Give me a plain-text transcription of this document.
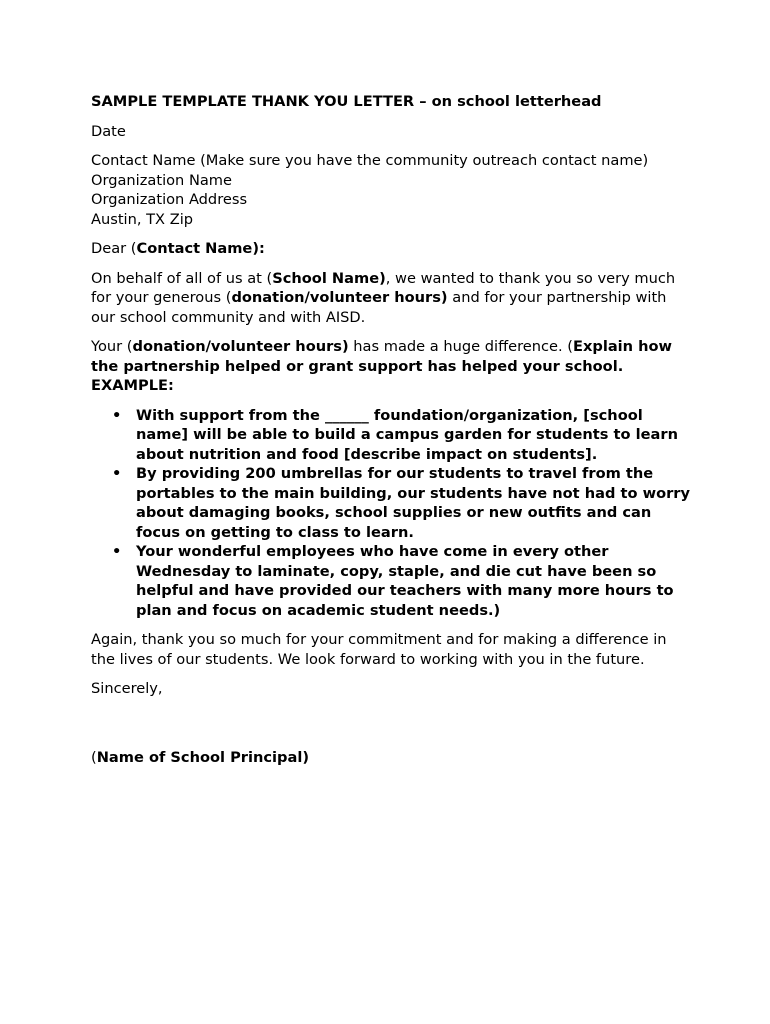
SAMPLE TEMPLATE THANK YOU LETTER – on school letterhead

Date

Contact Name (Make sure you have the community outreach contact name)
Organization Name
Organization Address
Austin, TX Zip

Dear (Contact Name):

On behalf of all of us at (School Name), we wanted to thank you so very much for your generous (donation/volunteer hours) and for your partnership with our school community and with AISD.

Your (donation/volunteer hours) has made a huge difference. (Explain how the partnership helped or grant support has helped your school. EXAMPLE:

• With support from the ______ foundation/organization, [school name] will be able to build a campus garden for students to learn about nutrition and food [describe impact on students].
• By providing 200 umbrellas for our students to travel from the portables to the main building, our students have not had to worry about damaging books, school supplies or new outfits and can focus on getting to class to learn.
• Your wonderful employees who have come in every other Wednesday to laminate, copy, staple, and die cut have been so helpful and have provided our teachers with many more hours to plan and focus on academic student needs.)

Again, thank you so much for your commitment and for making a difference in the lives of our students. We look forward to working with you in the future.

Sincerely,

(Name of School Principal)
